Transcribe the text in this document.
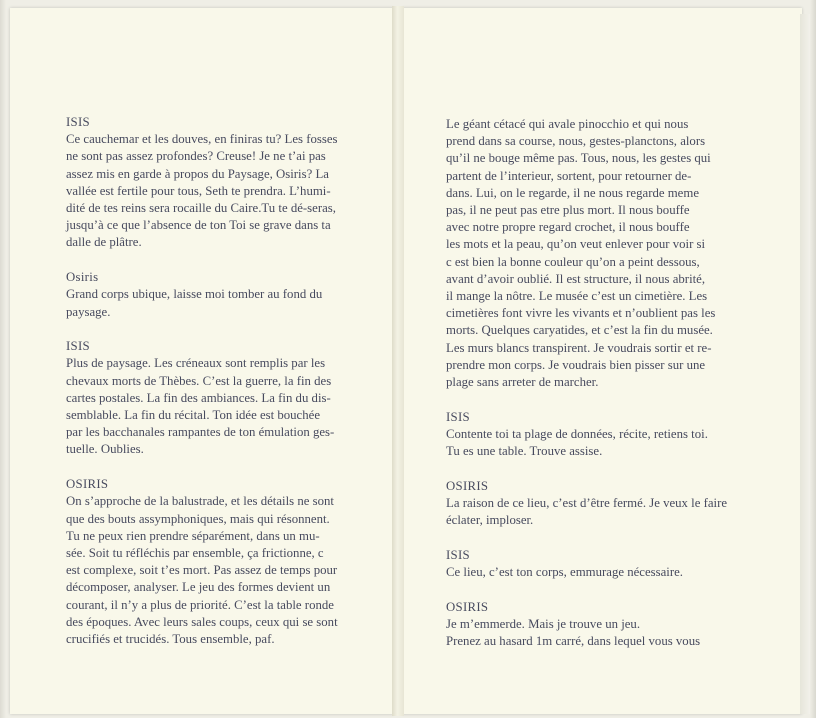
ISIS
Ce cauchemar et les douves, en finiras tu? Les fosses
ne sont pas assez profondes? Creuse! Je ne t’ai pas
assez mis en garde à propos du Paysage, Osiris? La
vallée est fertile pour tous, Seth te prendra. L’humi-
dité de tes reins sera rocaille du Caire.Tu te dé-seras,
jusqu’à ce que l’absence de ton Toi se grave dans ta
dalle de plâtre.
Osiris
Grand corps ubique, laisse moi tomber au fond du
paysage.
ISIS
Plus de paysage. Les créneaux sont remplis par les
chevaux morts de Thèbes. C’est la guerre, la fin des
cartes postales. La fin des ambiances. La fin du dis-
semblable. La fin du récital. Ton idée est bouchée
par les bacchanales rampantes de ton émulation ges-
tuelle. Oublies.
OSIRIS
On s’approche de la balustrade, et les détails ne sont
que des bouts assymphoniques, mais qui résonnent.
Tu ne peux rien prendre séparément, dans un mu-
sée. Soit tu réfléchis par ensemble, ça frictionne, c
est complexe, soit t’es mort. Pas assez de temps pour
décomposer, analyser. Le jeu des formes devient un
courant, il n’y a plus de priorité. C’est la table ronde
des époques. Avec leurs sales coups, ceux qui se sont
crucifiés et trucidés. Tous ensemble, paf.
Le géant cétacé qui avale pinocchio et qui nous
prend dans sa course, nous, gestes-planctons, alors
qu’il ne bouge même pas. Tous, nous, les gestes qui
partent de l’interieur, sortent, pour retourner de-
dans. Lui, on le regarde, il ne nous regarde meme
pas, il ne peut pas etre plus mort. Il nous bouffe
avec notre propre regard crochet, il nous bouffe
les mots et la peau, qu’on veut enlever pour voir si
c est bien la bonne couleur qu’on a peint dessous,
avant d’avoir oublié. Il est structure, il nous abrité,
il mange la nôtre. Le musée c’est un cimetière. Les
cimetières font vivre les vivants et n’oublient pas les
morts. Quelques caryatides, et c’est la fin du musée.
Les murs blancs transpirent. Je voudrais sortir et re-
prendre mon corps. Je voudrais bien pisser sur une
plage sans arreter de marcher.
ISIS
Contente toi ta plage de données, récite, retiens toi.
Tu es une table. Trouve assise.
OSIRIS
La raison de ce lieu, c’est d’être fermé. Je veux le faire
éclater, imploser.
ISIS
Ce lieu, c’est ton corps, emmurage nécessaire.
OSIRIS
Je m’emmerde. Mais je trouve un jeu.
Prenez au hasard 1m carré, dans lequel vous vous
